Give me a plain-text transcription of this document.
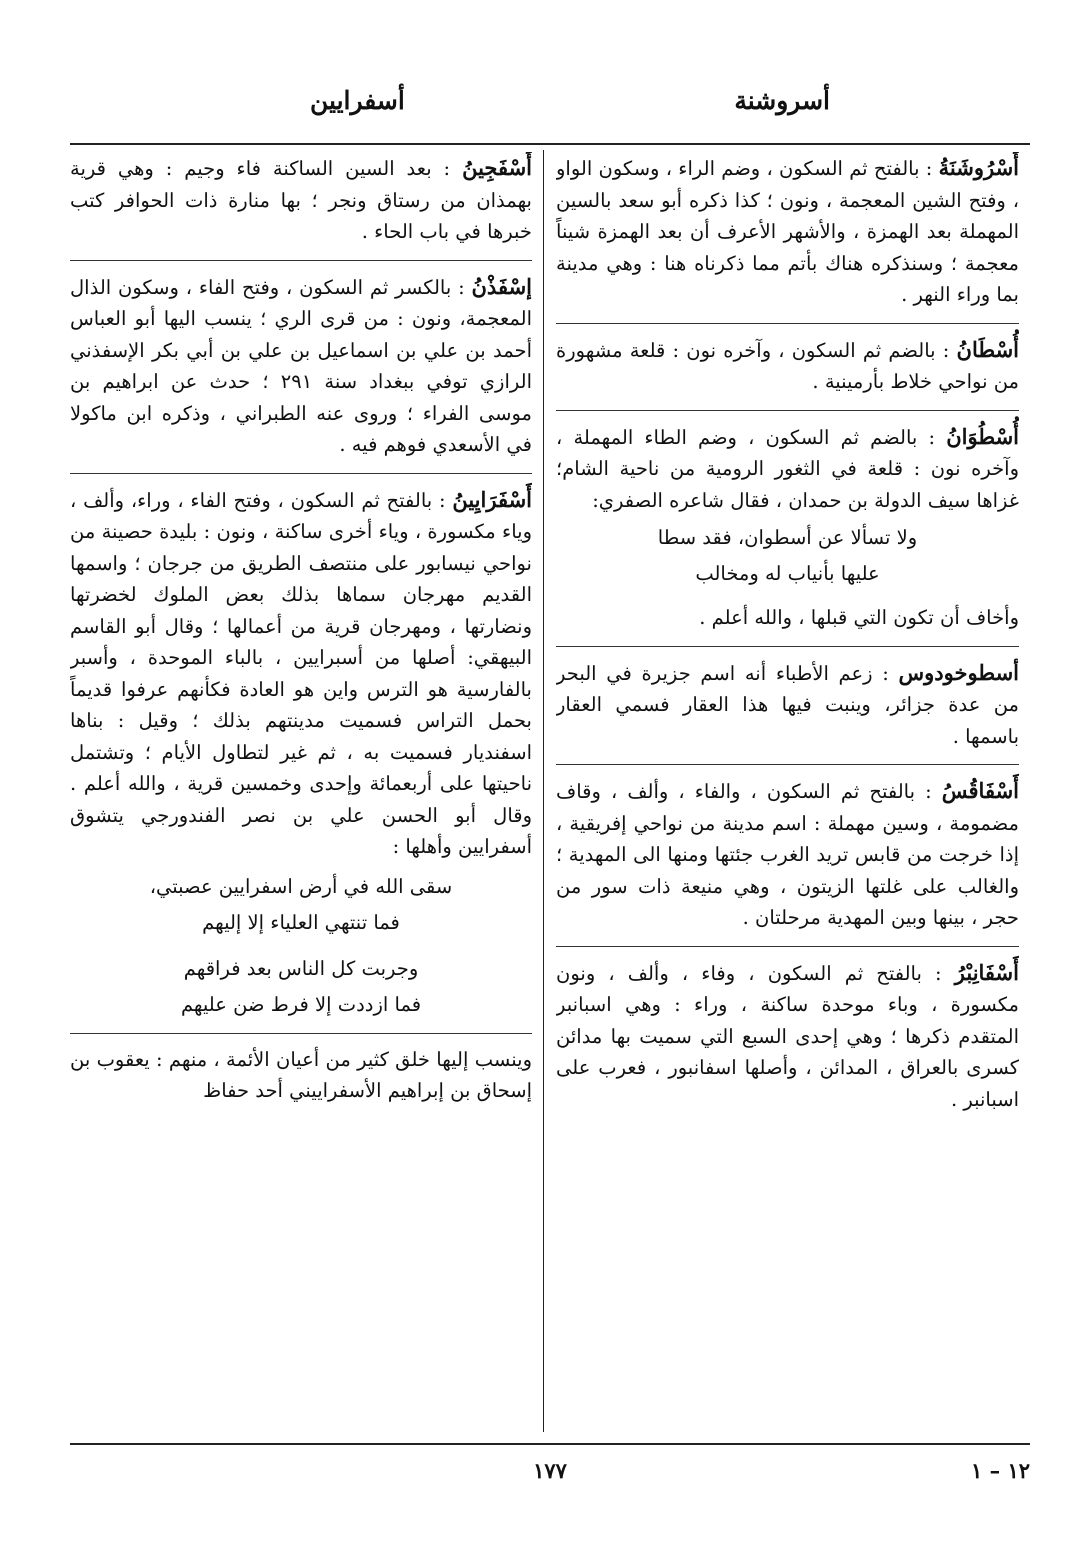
أسروشنة
أسفرايين

أَسْرُوشَنَةُ : بالفتح ثم السكون ، وضم الراء ، وسكون الواو ، وفتح الشين المعجمة ، ونون ؛ كذا ذكره أبو سعد بالسين المهملة بعد الهمزة ، والأشهر الأعرف أن بعد الهمزة شيناً معجمة ؛ وسنذكره هناك بأتم مما ذكرناه هنا : وهي مدينة بما وراء النهر .

أُسْطَانُ : بالضم ثم السكون ، وآخره نون : قلعة مشهورة من نواحي خلاط بأرمينية .

أُسْطُوَانُ : بالضم ثم السكون ، وضم الطاء المهملة ، وآخره نون : قلعة في الثغور الرومية من ناحية الشام؛ غزاها سيف الدولة بن حمدان ، فقال شاعره الصفري:

ولا تسألا عن أسطوان، فقد سطا
عليها بأنياب له ومخالب

وأخاف أن تكون التي قبلها ، والله أعلم .

أسطوخودوس : زعم الأطباء أنه اسم جزيرة في البحر من عدة جزائر، وينبت فيها هذا العقار فسمي العقار باسمها .

أَسْفَاقُسُ : بالفتح ثم السكون ، والفاء ، وألف ، وقاف مضمومة ، وسين مهملة : اسم مدينة من نواحي إفريقية ، إذا خرجت من قابس تريد الغرب جئتها ومنها الى المهدية ؛ والغالب على غلتها الزيتون ، وهي منيعة ذات سور من حجر ، بينها وبين المهدية مرحلتان .

أَسْفَانِبْرُ : بالفتح ثم السكون ، وفاء ، وألف ، ونون مكسورة ، وباء موحدة ساكنة ، وراء : وهي اسبانبر المتقدم ذكرها ؛ وهي إحدى السبع التي سميت بها مدائن كسرى بالعراق ، المدائن ، وأصلها اسفانبور ، فعرب على اسبانبر .

أَسْفَجِينُ : بعد السين الساكنة فاء وجيم : وهي قرية بهمذان من رستاق ونجر ؛ بها منارة ذات الحوافر كتب خبرها في باب الحاء .

إسْفَذْنُ : بالكسر ثم السكون ، وفتح الفاء ، وسكون الذال المعجمة، ونون : من قرى الري ؛ ينسب اليها أبو العباس أحمد بن علي بن اسماعيل بن علي بن أبي بكر الإسفذني الرازي توفي ببغداد سنة ٢٩١ ؛ حدث عن ابراهيم بن موسى الفراء ؛ وروى عنه الطبراني ، وذكره ابن ماكولا في الأسعدي فوهم فيه .

أَسْفَرَايِينُ : بالفتح ثم السكون ، وفتح الفاء ، وراء، وألف ، وياء مكسورة ، وياء أخرى ساكنة ، ونون : بليدة حصينة من نواحي نيسابور على منتصف الطريق من جرجان ؛ واسمها القديم مهرجان سماها بذلك بعض الملوك لخضرتها ونضارتها ، ومهرجان قرية من أعمالها ؛ وقال أبو القاسم البيهقي: أصلها من أسبرايين ، بالباء الموحدة ، وأسبر بالفارسية هو الترس واين هو العادة فكأنهم عرفوا قديماً بحمل التراس فسميت مدينتهم بذلك ؛ وقيل : بناها اسفنديار فسميت به ، ثم غير لتطاول الأيام ؛ وتشتمل ناحيتها على أربعمائة وإحدى وخمسين قرية ، والله أعلم . وقال أبو الحسن علي بن نصر الفندورجي يتشوق أسفرايين وأهلها :

سقى الله في أرض اسفرايين عصبتي،
فما تنتهي العلياء إلا إليهم
وجربت كل الناس بعد فراقهم
فما ازددت إلا فرط ضن عليهم

وينسب إليها خلق كثير من أعيان الأئمة ، منهم : يعقوب بن إسحاق بن إبراهيم الأسفراييني أحد حفاظ

١٧٧	١٢ – ١
